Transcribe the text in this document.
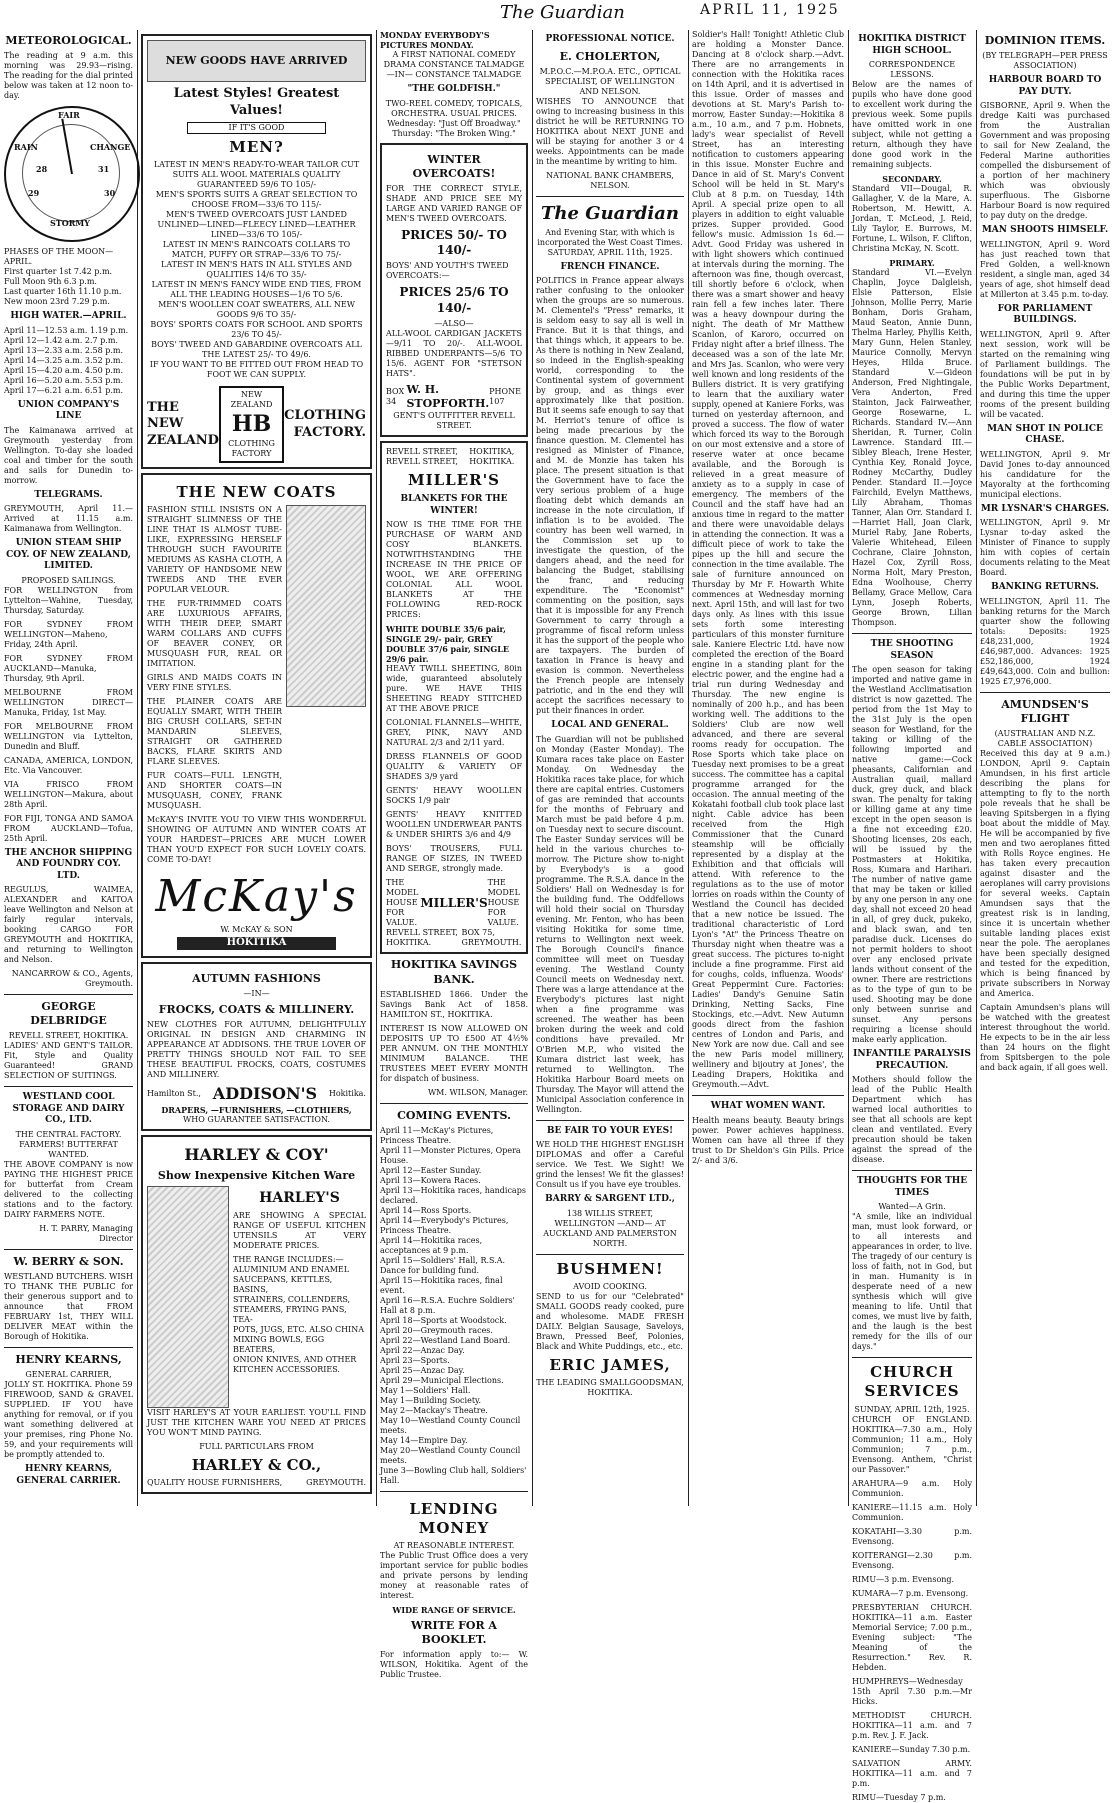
The Guardian	APRIL 11, 1925
METEOROLOGICAL.

The reading at 9 a.m. this morning was 29.93—rising. The reading for the dial printed below was taken at 12 noon to-day.

FAIR
CHANGE
RAIN
STORMY
29	30
28	31
PHASES OF THE MOON—APRIL.
First quarter 1st 7.42 p.m.
Full Moon 9th 6.3 p.m.
Last quarter 16th 11.10 p.m.
New moon 23rd 7.29 p.m.
HIGH WATER.—APRIL.
April 11—12.53 a.m. 1.19 p.m.
April 12—1.42 a.m. 2.7 p.m.
April 13—2.33 a.m. 2.58 p.m.
April 14—3.25 a.m. 3.52 p.m.
April 15—4.20 a.m. 4.50 p.m.
April 16—5.20 a.m. 5.53 p.m.
April 17—6.21 a.m. 6.51 p.m.
UNION COMPANY'S LINE

The Kaimanawa arrived at Greymouth yesterday from Wellington. To-day she loaded coal and timber for the south and sails for Dunedin to-morrow.

TELEGRAMS.

GREYMOUTH, April 11.—Arrived at 11.15 a.m. Kaimanawa from Wellington.

UNION STEAM SHIP COY. OF NEW ZEALAND, LIMITED.
PROPOSED SAILINGS.

FOR WELLINGTON from Lyttelton—Wahine, Tuesday, Thursday, Saturday.

FOR SYDNEY FROM WELLINGTON—Maheno, Friday, 24th April.

FOR SYDNEY FROM AUCKLAND—Manuka, Thursday, 9th April.

MELBOURNE FROM WELLINGTON DIRECT—Manuka, Friday, 1st May.

FOR MELBOURNE FROM WELLINGTON via Lyttelton, Dunedin and Bluff.

CANADA, AMERICA, LONDON, Etc. Via Vancouver.

VIA FRISCO FROM WELLINGTON—Makura, about 28th April.

FOR FIJI, TONGA AND SAMOA FROM AUCKLAND—Tofua, 25th April.

THE ANCHOR SHIPPING AND FOUNDRY COY. LTD.

REGULUS, WAIMEA, ALEXANDER and KAITOA leave Wellington and Nelson at fairly regular intervals, booking CARGO FOR GREYMOUTH and HOKITIKA, and returning to Wellington and Nelson.

NANCARROW & CO., Agents, Greymouth.
GEORGE DELBRIDGE
REVELL STREET, HOKITIKA.

LADIES' AND GENT'S TAILOR. Fit, Style and Quality Guaranteed! GRAND SELECTION OF SUITINGS.

WESTLAND COOL STORAGE AND DAIRY CO., LTD.
THE CENTRAL FACTORY. FARMERS! BUTTERFAT WANTED.

THE ABOVE COMPANY is now PAYING THE HIGHEST PRICE for butterfat from Cream delivered to the collecting stations and to the factory. DAIRY FARMERS NOTE.

H. T. PARRY, Managing Director
W. BERRY & SON.

WESTLAND BUTCHERS. WISH TO THANK THE PUBLIC for their generous support and to announce that FROM FEBRUARY 1st, THEY WILL DELIVER MEAT within the Borough of Hokitika.

HENRY KEARNS,
GENERAL CARRIER,
JOLLY ST. HOKITIKA. Phone 59

FIREWOOD, SAND & GRAVEL SUPPLIED. IF YOU have anything for removal, or if you want something delivered at your premises, ring Phone No. 59, and your requirements will be promptly attended to.

HENRY KEARNS, GENERAL CARRIER.
NEW GOODS HAVE ARRIVED
Latest Styles! Greatest Values!
IF IT'S GOOD
MEN?
LATEST IN MEN'S READY-TO-WEAR TAILOR CUT SUITS ALL WOOL MATERIALS QUALITY GUARANTEED 59/6 TO 105/-
MEN'S SPORTS SUITS A GREAT SELECTION TO CHOOSE FROM—33/6 TO 115/-
MEN'S TWEED OVERCOATS JUST LANDED UNLINED—LINED—FLEECY LINED—LEATHER LINED—33/6 TO 105/-
LATEST IN MEN'S RAINCOATS COLLARS TO MATCH, PUFFY OR STRAP—33/6 TO 75/-
LATEST IN MEN'S HATS IN ALL STYLES AND QUALITIES 14/6 TO 35/-
LATEST IN MEN'S FANCY WIDE END TIES, FROM ALL THE LEADING HOUSES—1/6 TO 5/6.
MEN'S WOOLLEN COAT SWEATERS, ALL NEW GOODS 9/6 TO 35/-
BOYS' SPORTS COATS FOR SCHOOL AND SPORTS 23/6 TO 45/-
BOYS' TWEED AND GABARDINE OVERCOATS ALL THE LATEST 25/- TO 49/6.
IF YOU WANT TO BE FITTED OUT FROM HEAD TO FOOT WE CAN SUPPLY.
THE NEW
ZEALAND
NEW ZEALAND
HB
CLOTHING FACTORY
CLOTHING
FACTORY.
THE NEW COATS

FASHION STILL INSISTS ON A STRAIGHT SLIMNESS OF THE LINE THAT IS ALMOST TUBE-LIKE, EXPRESSING HERSELF THROUGH SUCH FAVOURITE MEDIUMS AS KASHA CLOTH, A VARIETY OF HANDSOME NEW TWEEDS AND THE EVER POPULAR VELOUR.

THE FUR-TRIMMED COATS ARE LUXURIOUS AFFAIRS, WITH THEIR DEEP, SMART WARM COLLARS AND CUFFS OF BEAVER CONEY, OR MUSQUASH FUR, REAL OR IMITATION.

GIRLS AND MAIDS COATS IN VERY FINE STYLES.

THE PLAINER COATS ARE EQUALLY SMART, WITH THEIR BIG CRUSH COLLARS, SET-IN MANDARIN SLEEVES, STRAIGHT OR GATHERED BACKS, FLARE SKIRTS AND FLARE SLEEVES.

FUR COATS—FULL LENGTH, AND SHORTER COATS—IN MUSQUASH, CONEY, FRANK MUSQUASH.

McKAY'S INVITE YOU TO VIEW THIS WONDERFUL SHOWING OF AUTUMN AND WINTER COATS AT YOUR HARDEST—PRICES ARE MUCH LOWER THAN YOU'D EXPECT FOR SUCH LOVELY COATS. COME TO-DAY!

McKay's
W. McKAY & SON
HOKITIKA
AUTUMN FASHIONS
—IN—
FROCKS, COATS & MILLINERY.

NEW CLOTHES FOR AUTUMN, DELIGHTFULLY ORIGINAL IN DESIGN AND CHARMING IN APPEARANCE AT ADDISONS. THE TRUE LOVER OF PRETTY THINGS SHOULD NOT FAIL TO SEE THESE BEAUTIFUL FROCKS, COATS, COSTUMES AND MILLINERY.

Hamilton St., ADDISON'S Hokitika.
DRAPERS, —FURNISHERS, —CLOTHIERS,
WHO GUARANTEE SATISFACTION.
HARLEY & COY'
Show Inexpensive Kitchen Ware
HARLEY'S

ARE SHOWING A SPECIAL RANGE OF USEFUL KITCHEN UTENSILS AT VERY MODERATE PRICES.

THE RANGE INCLUDES:—
ALUMINIUM AND ENAMEL
SAUCEPANS, KETTLES, BASINS,
STRAINERS, COLLENDERS,
STEAMERS, FRYING PANS, TEA-
POTS, JUGS, ETC. ALSO CHINA
MIXING BOWLS, EGG BEATERS,
ONION KNIVES, AND OTHER
KITCHEN ACCESSORIES.

VISIT HARLEY'S AT YOUR EARLIEST. YOU'LL FIND JUST THE KITCHEN WARE YOU NEED AT PRICES YOU WON'T MIND PAYING.

FULL PARTICULARS FROM
HARLEY & CO.,
QUALITY HOUSE FURNISHERS,	GREYMOUTH.
MONDAY EVERYBODY'S PICTURES MONDAY.
A FIRST NATIONAL COMEDY DRAMA CONSTANCE TALMADGE —IN— CONSTANCE TALMADGE
"THE GOLDFISH."
TWO-REEL COMEDY, TOPICALS, ORCHESTRA. USUAL PRICES. Wednesday: "Just Off Broadway." Thursday: "The Broken Wing."
WINTER OVERCOATS!

FOR THE CORRECT STYLE, SHADE AND PRICE SEE MY LARGE AND VARIED RANGE OF MEN'S TWEED OVERCOATS.

PRICES 50/- TO 140/-
BOYS' AND YOUTH'S TWEED OVERCOATS:—
PRICES 25/6 TO 140/-
—ALSO—

ALL-WOOL CARDIGAN JACKETS—9/11 TO 20/-. ALL-WOOL RIBBED UNDERPANTS—5/6 TO 15/6. AGENT FOR "STETSON HATS".

BOX 34
W. H. STOPFORTH.
PHONE 107
GENT'S OUTFITTER REVELL STREET.
REVELL STREET, REVELL STREET,
HOKITIKA, HOKITIKA.
MILLER'S
BLANKETS FOR THE WINTER!

NOW IS THE TIME FOR THE PURCHASE OF WARM AND COSY BLANKETS. NOTWITHSTANDING THE INCREASE IN THE PRICE OF WOOL, WE ARE OFFERING COLONIAL ALL WOOL BLANKETS AT THE FOLLOWING RED-ROCK PRICES:

WHITE DOUBLE 35/6 pair, SINGLE 29/- pair, GREY DOUBLE 37/6 pair, SINGLE 29/6 pair.

HEAVY TWILL SHEETING, 80in wide, guaranteed absolutely pure. WE HAVE THIS SHEETING READY STITCHED AT THE ABOVE PRICE

COLONIAL FLANNELS—WHITE, GREY, PINK, NAVY AND NATURAL 2/3 and 2/11 yard.

DRESS FLANNELS OF GOOD QUALITY & VARIETY OF SHADES 3/9 yard

GENTS' HEAVY WOOLLEN SOCKS 1/9 pair

GENTS' HEAVY KNITTED WOOLLEN UNDERWEAR PANTS & UNDER SHIRTS 3/6 and 4/9

BOYS' TROUSERS, FULL RANGE OF SIZES, IN TWEED AND SERGE, strongly made.

THE MODEL HOUSE FOR VALUE.
MILLER'S
THE MODEL HOUSE FOR VALUE.
REVELL STREET, HOKITIKA.
BOX 75, GREYMOUTH.
HOKITIKA SAVINGS BANK.

ESTABLISHED 1866. Under the Savings Bank Act of 1858. HAMILTON ST., HOKITIKA.

INTEREST IS NOW ALLOWED ON DEPOSITS UP TO £500 AT 4½% PER ANNUM. ON THE MONTHLY MINIMUM BALANCE. THE TRUSTEES MEET EVERY MONTH for dispatch of business.

WM. WILSON, Manager.
COMING EVENTS.
April 11—McKay's Pictures, Princess Theatre.
April 11—Monster Pictures, Opera House.
April 12—Easter Sunday.
April 13—Kowera Races.
April 13—Hokitika races, handicaps declared.
April 14—Ross Sports.
April 14—Everybody's Pictures, Princess Theatre.
April 14—Hokitika races, acceptances at 9 p.m.
April 15—Soldiers' Hall, R.S.A. Dance for building fund.
April 15—Hokitika races, final event.
April 16—R.S.A. Euchre Soldiers' Hall at 8 p.m.
April 18—Sports at Woodstock.
April 20—Greymouth races.
April 22—Westland Land Board.
April 22—Anzac Day.
April 23—Sports.
April 25—Anzac Day.
April 29—Municipal Elections.
May 1—Soldiers' Hall.
May 1—Building Society.
May 2—Mackay's Theatre.
May 10—Westland County Council meets.
May 14—Empire Day.
May 20—Westland County Council meets.
June 3—Bowling Club hall, Soldiers' Hall.
LENDING MONEY
AT REASONABLE INTEREST.

The Public Trust Office does a very important service for public bodies and private persons by lending money at reasonable rates of interest.

WIDE RANGE OF SERVICE.
WRITE FOR A BOOKLET.

For information apply to:— W. WILSON, Hokitika. Agent of the Public Trustee.

PROFESSIONAL NOTICE.
E. CHOLERTON,
M.P.O.C.—M.P.O.A. ETC., OPTICAL SPECIALIST, OF WELLINGTON AND NELSON.

WISHES TO ANNOUNCE that owing to increasing business in this district he will be RETURNING TO HOKITIKA about NEXT JUNE and will be staying for another 3 or 4 weeks. Appointments can be made in the meantime by writing to him.

NATIONAL BANK CHAMBERS, NELSON.
The Guardian
And Evening Star, with which is incorporated the West Coast Times.
SATURDAY, APRIL 11th, 1925.
FRENCH FINANCE.

POLITICS in France appear always rather confusing to the onlooker when the groups are so numerous. M. Clementel's "Press" remarks, it is seldom easy to say all is well in France. But it is that things, and that things which, it appears to be. As there is nothing in New Zealand, so indeed in the English-speaking world, corresponding to the Continental system of government by group, and as things ever approximately like that position. But it seems safe enough to say that M. Herriot's tenure of office is being made precarious by the finance question. M. Clementel has resigned as Minister of Finance, and M. de Monzie has taken his place. The present situation is that the Government have to face the very serious problem of a huge floating debt which demands an increase in the note circulation, if inflation is to be avoided. The country has been well warned, in the Commission set up to investigate the question, of the dangers ahead, and the need for balancing the Budget, stabilising the franc, and reducing expenditure. The "Economist" commenting on the position, says that it is impossible for any French Government to carry through a programme of fiscal reform unless it has the support of the people who are taxpayers. The burden of taxation in France is heavy and evasion is common. Nevertheless the French people are intensely patriotic, and in the end they will accept the sacrifices necessary to put their finances in order.

LOCAL AND GENERAL.

The Guardian will not be published on Monday (Easter Monday). The Kumara races take place on Easter Monday. On Wednesday the Hokitika races take place, for which there are capital entries. Customers of gas are reminded that accounts for the months of February and March must be paid before 4 p.m. on Tuesday next to secure discount. The Easter Sunday services will be held in the various churches to-morrow. The Picture show to-night by Everybody's is a good programme. The R.S.A. dance in the Soldiers' Hall on Wednesday is for the building fund. The Oddfellows will hold their social on Thursday evening. Mr. Fenton, who has been visiting Hokitika for some time, returns to Wellington next week. The Borough Council's finance committee will meet on Tuesday evening. The Westland County Council meets on Wednesday next. There was a large attendance at the Everybody's pictures last night when a fine programme was screened. The weather has been broken during the week and cold conditions have prevailed. Mr O'Brien M.P., who visited the Kumara district last week, has returned to Wellington. The Hokitika Harbour Board meets on Thursday. The Mayor will attend the Municipal Association conference in Wellington.

BE FAIR TO YOUR EYES!

WE HOLD THE HIGHEST ENGLISH DIPLOMAS and offer a Careful service. We Test. We Sight! We grind the lenses! We fit the glasses! Consult us if you have eye troubles.

BARRY & SARGENT LTD.,
138 WILLIS STREET, WELLINGTON —AND— AT AUCKLAND AND PALMERSTON NORTH.
BUSHMEN!
AVOID COOKING.

SEND to us for our "Celebrated" SMALL GOODS ready cooked, pure and wholesome. MADE FRESH DAILY. Belgian Sausage, Saveloys, Brawn, Pressed Beef, Polonies, Black and White Puddings, etc., etc.

ERIC JAMES,
THE LEADING SMALLGOODSMAN, HOKITIKA.

Soldier's Hall! Tonight! Athletic Club are holding a Monster Dance. Dancing at 8 o'clock sharp.—Advt. There are no arrangements in connection with the Hokitika races on 14th April, and it is advertised in this issue. Order of masses and devotions at St. Mary's Parish to-morrow, Easter Sunday:—Hokitika 8 a.m., 10 a.m., and 7 p.m. Hobnets, lady's wear specialist of Revell Street, has an interesting notification to customers appearing in this issue. Monster Euchre and Dance in aid of St. Mary's Convent School will be held in St. Mary's Club at 8 p.m. on Tuesday, 14th April. A special prize open to all players in addition to eight valuable prizes. Supper provided. Good fellow's music. Admission 1s 6d.—Advt. Good Friday was ushered in with light showers which continued at intervals during the morning. The afternoon was fine, though overcast, till shortly before 6 o'clock, when there was a smart shower and heavy rain fell a few inches later. There was a heavy downpour during the night. The death of Mr Matthew Scanlon, of Karoro, occurred on Friday night after a brief illness. The deceased was a son of the late Mr. and Mrs Jas. Scanlon, who were very well known and long residents of the Bullers district. It is very gratifying to learn that the auxiliary water supply, opened at Kaniere Forks, was turned on yesterday afternoon, and proved a success. The flow of water which forced its way to the Borough on our most extensive and a store of reserve water at once became available, and the Borough is relieved in a great measure of anxiety as to a supply in case of emergency. The members of the Council and the staff have had an anxious time in regard to the matter and there were unavoidable delays in attending the connection. It was a difficult piece of work to take the pipes up the hill and secure the connection in the time available. The sale of furniture announced on Thursday by Mr F. Howarth White commences at Wednesday morning next. April 15th, and will last for two days only. As lines with this issue sets forth some interesting particulars of this monster furniture sale. Kaniere Electric Ltd. have now completed the erection of the Board engine in a standing plant for the electric power, and the engine had a trial run during Wednesday and Thursday. The new engine is nominally of 200 h.p., and has been working well. The additions to the Soldiers' Club are now well advanced, and there are several rooms ready for occupation. The Rose Sports which take place on Tuesday next promises to be a great success. The committee has a capital programme arranged for the occasion. The annual meeting of the Kokatahi football club took place last night. Cable advice has been received from the High Commissioner that the Cunard steamship will be officially represented by a display at the Exhibition and that officials will attend. With reference to the regulations as to the use of motor lorries on roads within the County of Westland the Council has decided that a new notice be issued. The traditional characteristic of Lord Lyon's "At" the Princess Theatre on Thursday night when theatre was a great success. The pictures to-night include a fine programme. First aid for coughs, colds, influenza. Woods' Great Peppermint Cure. Factories: Ladies' Dandy's Genuine Satin Drinking, Netting Sacks, Fine Stockings, etc.—Advt. New Autumn goods direct from the fashion centres of London and Paris, and New York are now due. Call and see the new Paris model millinery, wellinery and bijoutry at Jones', the Leading Drapers, Hokitika and Greymouth.—Advt.

WHAT WOMEN WANT.

Health means beauty. Beauty brings power. Power achieves happiness. Women can have all three if they trust to Dr Sheldon's Gin Pills. Price 2/- and 3/6.

HOKITIKA DISTRICT HIGH SCHOOL.
CORRESPONDENCE LESSONS.

Below are the names of pupils who have done good to excellent work during the previous week. Some pupils have omitted work in one subject, while not getting a return, although they have done good work in the remaining subjects.

SECONDARY.

Standard VII—Dougal, R. Gallagher, V. de la Mare, A. Robertson, M. Hewitt, A. Jordan, T. McLeod, J. Reid, Lily Taylor, E. Burrows, M. Fortune, L. Wilson, F. Clifton, Christina McKay, N. Scott.

PRIMARY.

Standard VI.—Evelyn Chaplin, Joyce Dalgleish, Elsie Patterson, Elsie Johnson, Mollie Perry, Marie Bonham, Doris Graham, Maud Seaton, Annie Dunn, Thelma Harley, Phyllis Keith, Mary Gunn, Helen Stanley, Maurice Connolly, Mervyn Heyes, Hilda Bruce. Standard V.—Gideon Anderson, Fred Nightingale, Vera Anderton, Fred Stainton, Jack Fairweather, George Rosewarne, L. Richards. Standard IV.—Ann Sheridan, R. Turner, Colin Lawrence. Standard III.—Sibley Bleach, Irene Hester, Cynthia Key, Ronald Joyce, Rodney McCarthy, Dudley Pender. Standard II.—Joyce Fairchild, Evelyn Matthews, Lily Abraham, Thomas Tanner, Alan Orr. Standard I.—Harriet Hall, Joan Clark, Muriel Raby, Jane Roberts, Valerie Whitehead, Eileen Cochrane, Claire Johnston, Hazel Cox, Zyrill Ross, Norma Holt, Mary Preston, Edna Woolhouse, Cherry Bellamy, Grace Mellow, Cara Lynn, Joseph Roberts, George Brown, Lilian Thompson.

THE SHOOTING SEASON

The open season for taking imported and native game in the Westland Acclimatisation district is now gazetted. The period from the 1st May to the 31st July is the open season for Westland, for the taking or killing of the following imported and native game:—Cock pheasants, Californian and Australian quail, mallard duck, grey duck, and black swan. The penalty for taking or killing game at any time except in the open season is a fine not exceeding £20. Shooting licenses, 20s each, will be issued by the Postmasters at Hokitika, Ross, Kumara and Harihari. The number of native game that may be taken or killed by any one person in any one day, shall not exceed 20 head in all, of grey duck, pukeko, and black swan, and ten paradise duck. Licenses do not permit holders to shoot over any enclosed private lands without consent of the owner. There are restrictions as to the type of gun to be used. Shooting may be done only between sunrise and sunset. Any persons requiring a license should make early application.

INFANTILE PARALYSIS PRECAUTION.

Mothers should follow the lead of the Public Health Department which has warned local authorities to see that all schools are kept clean and ventilated. Every precaution should be taken against the spread of the disease.

THOUGHTS FOR THE TIMES
Wanted—A Grin.

"A smile, like an individual man, must look forward, or to all interests and appearances in order, to live. The tragedy of our century is loss of faith, not in God, but in man. Humanity is in desperate need of a new synthesis which will give meaning to life. Until that comes, we must live by faith, and the laugh is the best remedy for the ills of our days."

CHURCH SERVICES
SUNDAY, APRIL 12th, 1925.

CHURCH OF ENGLAND. HOKITIKA—7.30 a.m., Holy Communion; 11 a.m., Holy Communion; 7 p.m., Evensong. Anthem, "Christ our Passover."

ARAHURA—9 a.m. Holy Communion.

KANIERE—11.15 a.m. Holy Communion.

KOKATAHI—3.30 p.m. Evensong.

KOITERANGI—2.30 p.m. Evensong.

RIMU—3 p.m. Evensong.

KUMARA—7 p.m. Evensong.

PRESBYTERIAN CHURCH. HOKITIKA—11 a.m. Easter Memorial Service; 7.00 p.m., Evening subject: "The Meaning of the Resurrection." Rev. R. Hebden.

HUMPHREYS—Wednesday 15th April 7.30 p.m.—Mr Hicks.

METHODIST CHURCH. HOKITIKA—11 a.m. and 7 p.m. Rev. J. F. Jack.

KANIERE—Sunday 7.30 p.m.

SALVATION ARMY. HOKITIKA—11 a.m. and 7 p.m.

RIMU—Tuesday 7 p.m.

DOMINION ITEMS.
(BY TELEGRAPH—PER PRESS ASSOCIATION)
HARBOUR BOARD TO PAY DUTY.

GISBORNE, April 9. When the dredge Kaiti was purchased from the Australian Government and was proposing to sail for New Zealand, the Federal Marine authorities compelled the disbursement of a portion of her machinery which was obviously superfluous. The Gisborne Harbour Board is now required to pay duty on the dredge.

MAN SHOOTS HIMSELF.

WELLINGTON, April 9. Word has just reached town that Fred Golden, a well-known resident, a single man, aged 34 years of age, shot himself dead at Millerton at 3.45 p.m. to-day.

FOR PARLIAMENT BUILDINGS.

WELLINGTON, April 9. After next session, work will be started on the remaining wing of Parliament buildings. The foundations will be put in by the Public Works Department, and during this time the upper rooms of the present building will be vacated.

MAN SHOT IN POLICE CHASE.

WELLINGTON, April 9. Mr David Jones to-day announced his candidature for the Mayoralty at the forthcoming municipal elections.

MR LYSNAR'S CHARGES.

WELLINGTON, April 9. Mr Lysnar to-day asked the Minister of Finance to supply him with copies of certain documents relating to the Meat Board.

BANKING RETURNS.

WELLINGTON, April 11. The banking returns for the March quarter show the following totals: Deposits: 1925 £48,231,000, 1924 £46,987,000. Advances: 1925 £52,186,000, 1924 £49,643,000. Coin and bullion: 1925 £7,976,000.

AMUNDSEN'S FLIGHT
(AUSTRALIAN AND N.Z. CABLE ASSOCIATION)

Received this day at 9 a.m.) LONDON, April 9. Captain Amundsen, in his first article describing the plans for attempting to fly to the north pole reveals that he shall be leaving Spitsbergen in a flying boat about the middle of May. He will be accompanied by five men and two aeroplanes fitted with Rolls Royce engines. He has taken every precaution against disaster and the aeroplanes will carry provisions for several weeks. Captain Amundsen says that the greatest risk is in landing, since it is uncertain whether suitable landing places exist near the pole. The aeroplanes have been specially designed and tested for the expedition, which is being financed by private subscribers in Norway and America.

Captain Amundsen's plans will be watched with the greatest interest throughout the world. He expects to be in the air less than 24 hours on the flight from Spitsbergen to the pole and back again, if all goes well.
